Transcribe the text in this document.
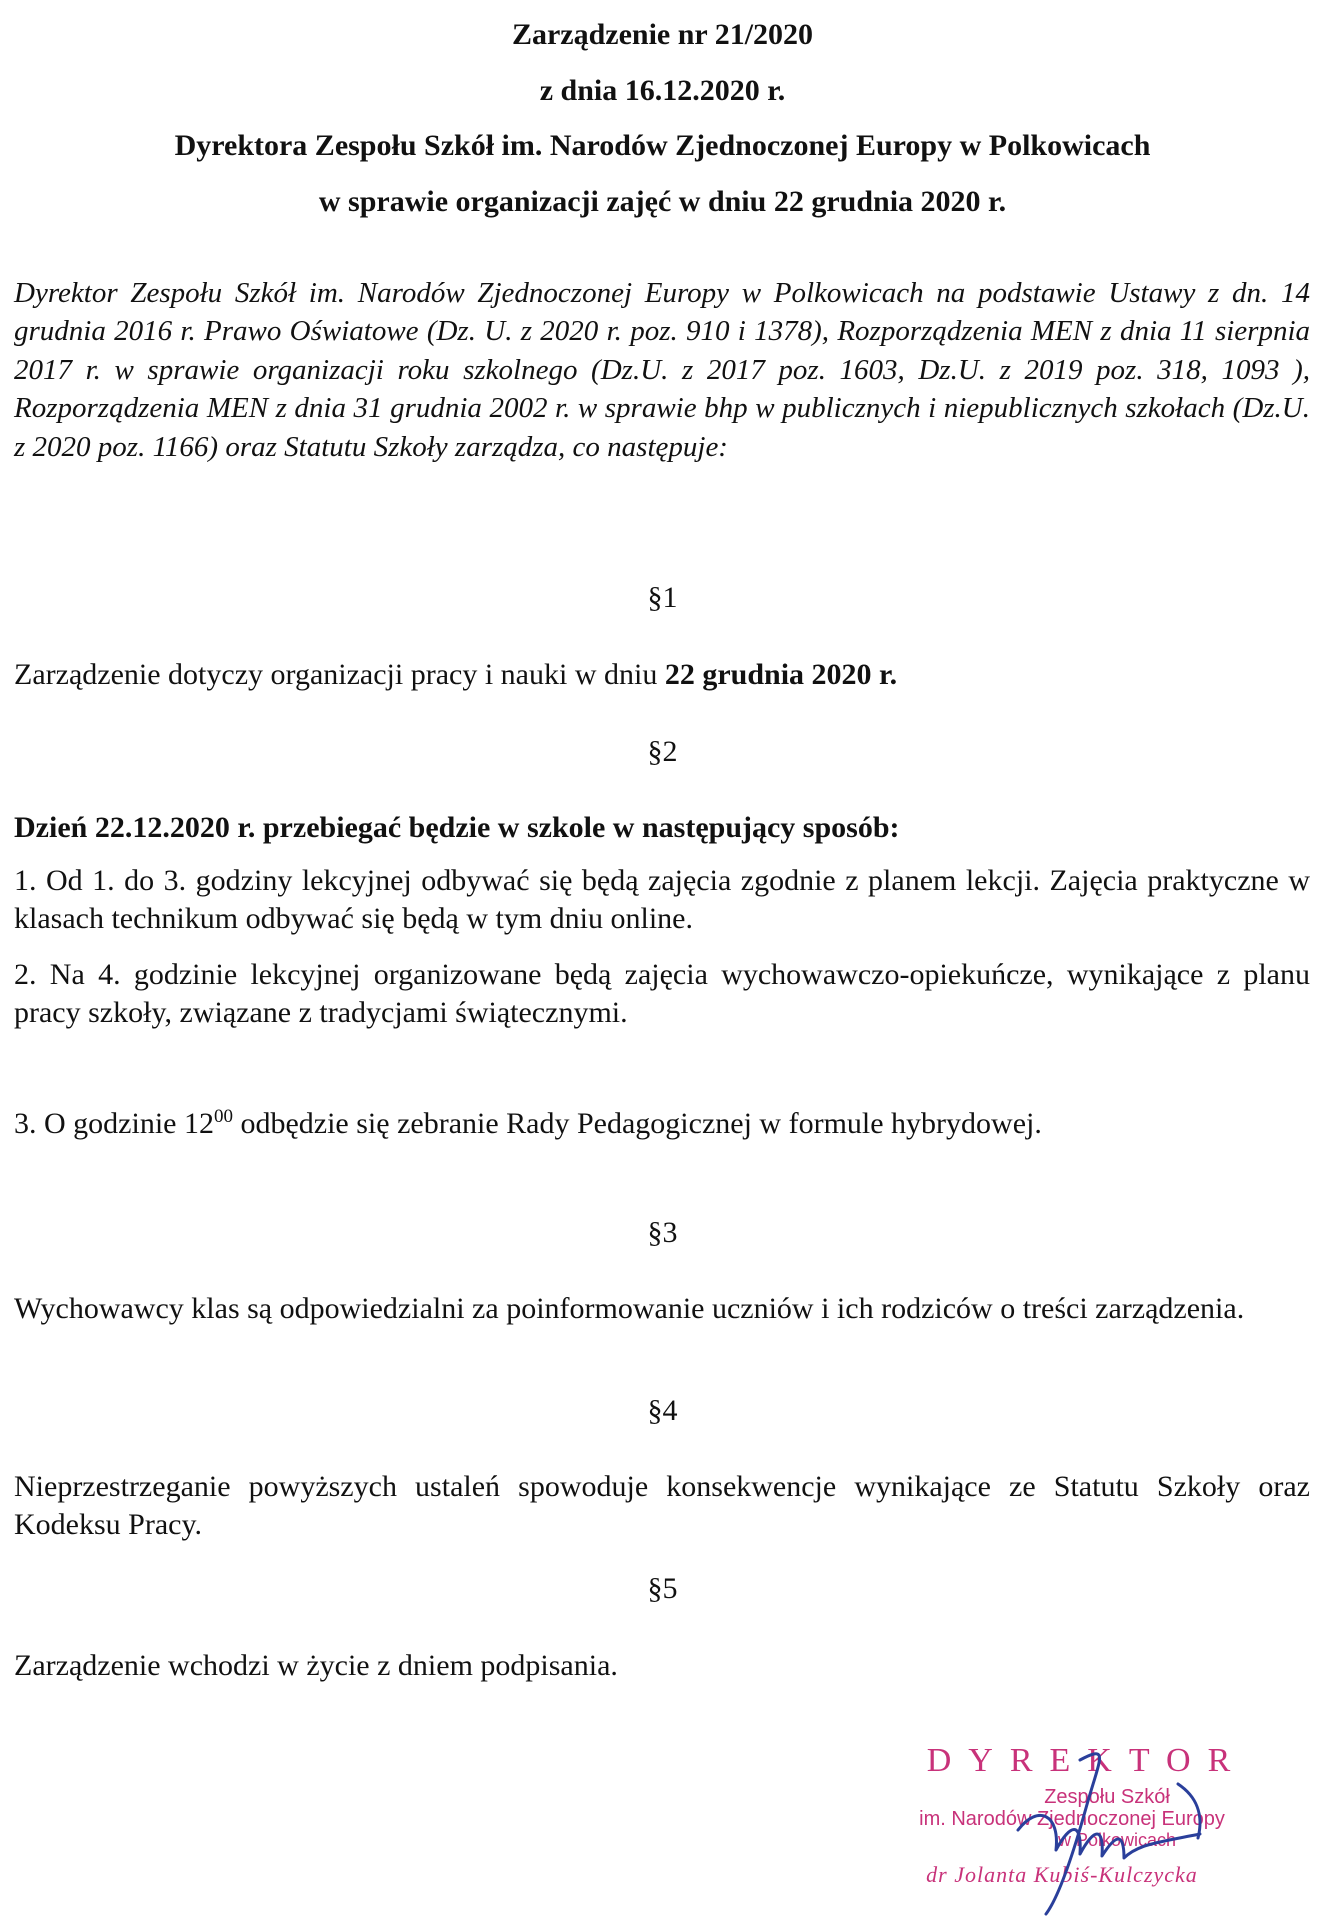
Zarządzenie nr 21/2020
z dnia 16.12.2020 r.
Dyrektora Zespołu Szkół im. Narodów Zjednoczonej Europy w Polkowicach
w sprawie organizacji zajęć w dniu 22 grudnia 2020 r.

Dyrektor Zespołu Szkół im. Narodów Zjednoczonej Europy w Polkowicach na podstawie Ustawy z dn. 14 grudnia 2016 r. Prawo Oświatowe (Dz. U. z 2020 r. poz. 910 i 1378), Rozporządzenia MEN z dnia 11 sierpnia 2017 r. w sprawie organizacji roku szkolnego (Dz.U. z 2017 poz. 1603, Dz.U. z 2019 poz. 318, 1093 ), Rozporządzenia MEN z dnia 31 grudnia 2002 r. w sprawie bhp w publicznych i niepublicznych szkołach (Dz.U. z 2020 poz. 1166) oraz Statutu Szkoły zarządza, co następuje:

§1

Zarządzenie dotyczy organizacji pracy i nauki w dniu 22 grudnia 2020 r.

§2

Dzień 22.12.2020 r. przebiegać będzie w szkole w następujący sposób:

1. Od 1. do 3. godziny lekcyjnej odbywać się będą zajęcia zgodnie z planem lekcji. Zajęcia praktyczne w klasach technikum odbywać się będą w tym dniu online.

2. Na 4. godzinie lekcyjnej organizowane będą zajęcia wychowawczo-opiekuńcze, wynikające z planu pracy szkoły, związane z tradycjami świątecznymi.

3. O godzinie $12^{00}$ odbędzie się zebranie Rady Pedagogicznej w formule hybrydowej.

§3

Wychowawcy klas są odpowiedzialni za poinformowanie uczniów i ich rodziców o treści zarządzenia.

§4

Nieprzestrzeganie powyższych ustaleń spowoduje konsekwencje wynikające ze Statutu Szkoły oraz Kodeksu Pracy.

§5

Zarządzenie wchodzi w życie z dniem podpisania.

DYREKTOR
Zespołu Szkół
im. Narodów Zjednoczonej Europy
w Polkowicach
dr Jolanta Kubiś-Kulczycka
